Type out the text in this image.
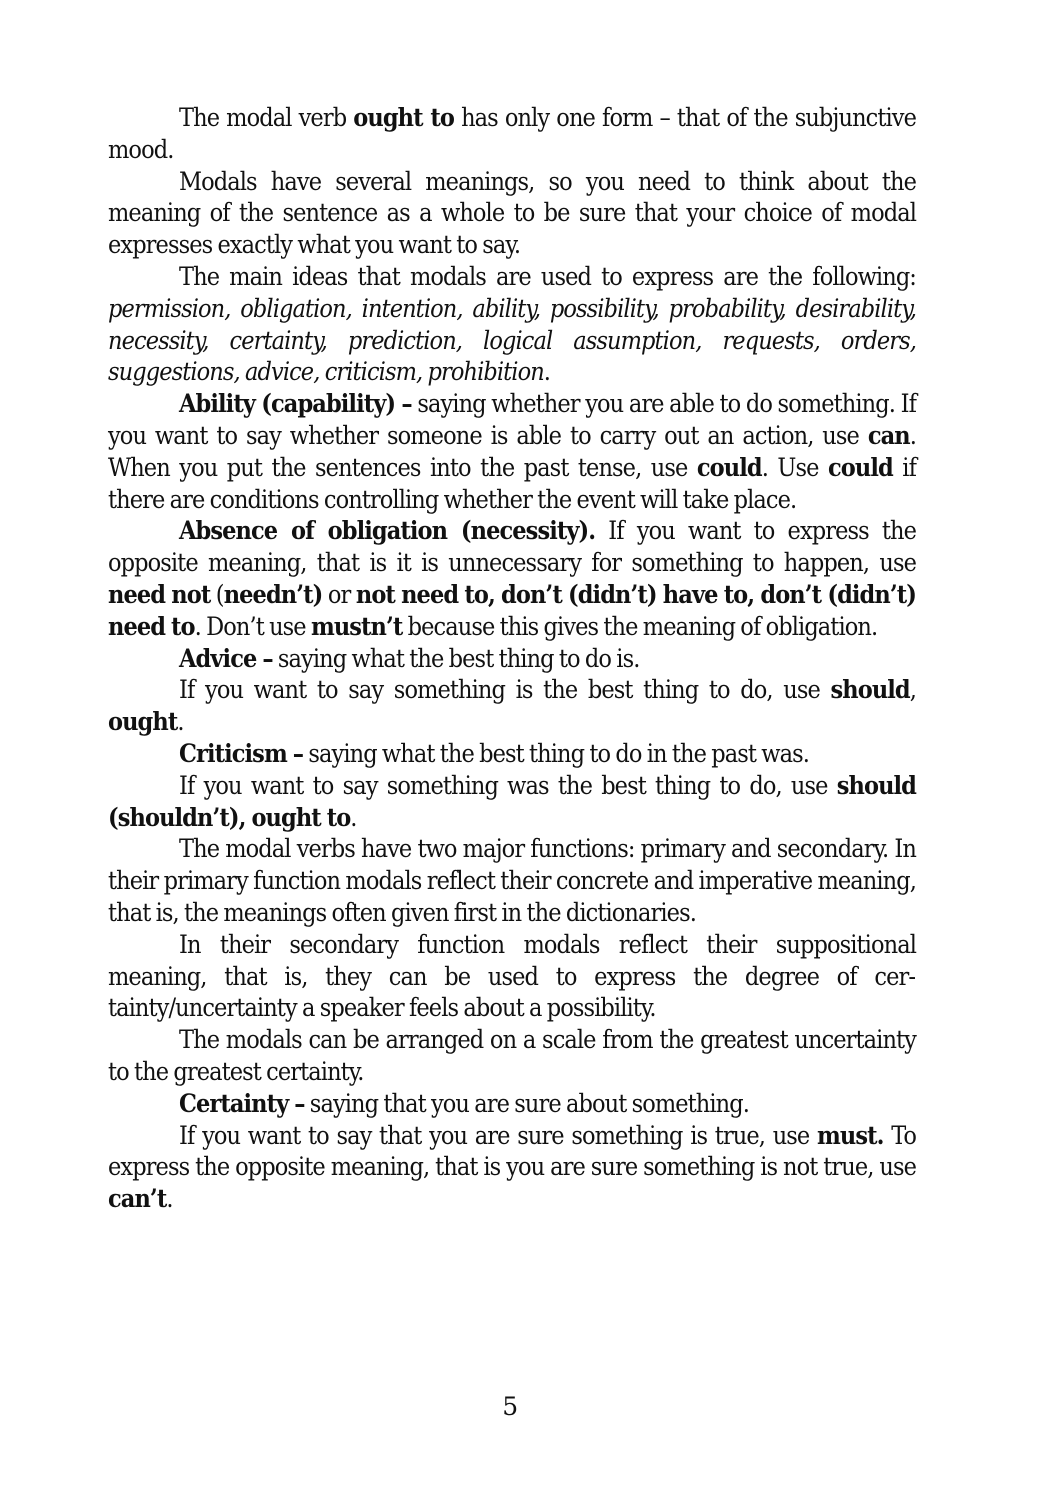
The modal verb ought to has only one form – that of the subjunctive mood.

Modals have several meanings, so you need to think about the meaning of the sentence as a whole to be sure that your choice of modal expresses exactly what you want to say.

The main ideas that modals are used to express are the following: permission, obligation, intention, ability, possibility, probability, desirability, necessity, certainty, prediction, logical assumption, requests, orders, suggestions, advice, criticism, prohibition.

Ability (capability) – saying whether you are able to do something. If you want to say whether someone is able to carry out an action, use can. When you put the sentences into the past tense, use could. Use could if there are conditions controlling whether the event will take place.

Absence of obligation (necessity). If you want to express the opposite meaning, that is it is unnecessary for something to happen, use need not (needn’t) or not need to, don’t (didn’t) have to, don’t (didn’t) need to. Don’t use mustn’t because this gives the meaning of obligation.

Advice – saying what the best thing to do is.

If you want to say something is the best thing to do, use should, ought.

Criticism – saying what the best thing to do in the past was.

If you want to say something was the best thing to do, use should (shouldn’t), ought to.

The modal verbs have two major functions: primary and secondary. In their primary function modals reflect their concrete and imperative meaning, that is, the meanings often given first in the dictionaries.

In their secondary function modals reflect their suppositional meaning, that is, they can be used to express the degree of certainty/uncertainty a speaker feels about a possibility.

The modals can be arranged on a scale from the greatest uncertainty to the greatest certainty.

Certainty – saying that you are sure about something.

If you want to say that you are sure something is true, use must. To express the opposite meaning, that is you are sure something is not true, use can’t.

5
